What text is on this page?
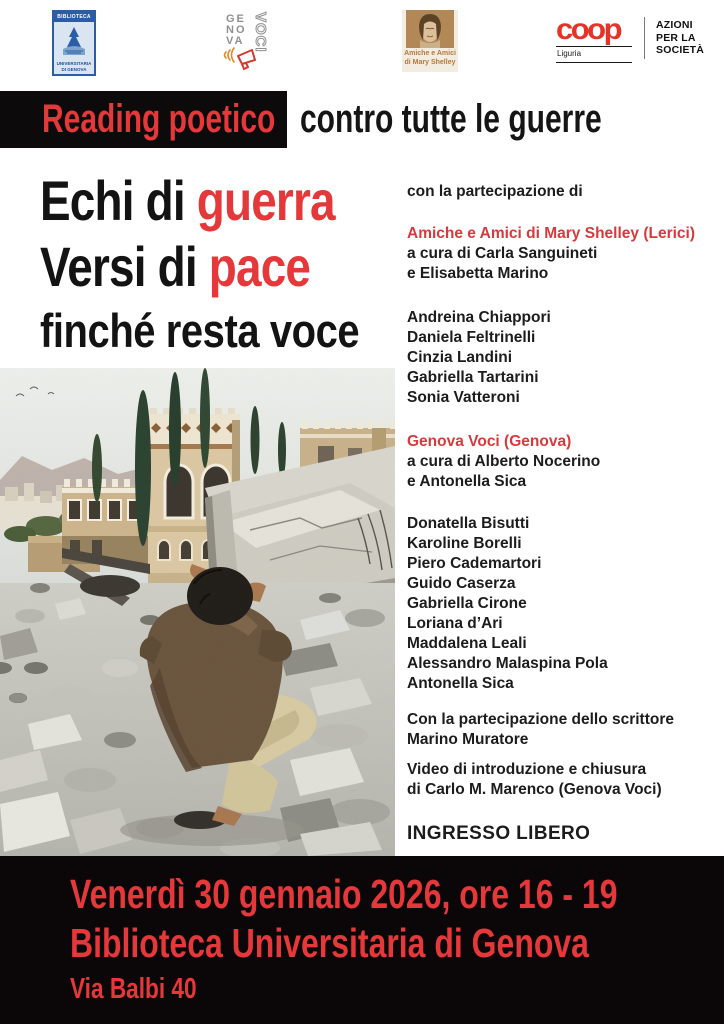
BIBLIOTECA
UNIVERSITARIA
DI GENOVA
GE
NO
VA VOCI
Amiche e Amici
di Mary Shelley
coop
Liguria
AZIONI
PER LA
SOCIETÀ
Reading poetico contro tutte le guerre
Echi di guerra
Versi di pace
finché resta voce
con la partecipazione di
Amiche e Amici di Mary Shelley (Lerici)
a cura di Carla Sanguineti
e Elisabetta Marino
Andreina Chiappori
Daniela Feltrinelli
Cinzia Landini
Gabriella Tartarini
Sonia Vatteroni
Genova Voci (Genova)
a cura di Alberto Nocerino
e Antonella Sica
Donatella Bisutti
Karoline Borelli
Piero Cademartori
Guido Caserza
Gabriella Cirone
Loriana d’Ari
Maddalena Leali
Alessandro Malaspina Pola
Antonella Sica
Con la partecipazione dello scrittore
Marino Muratore
Video di introduzione e chiusura
di Carlo M. Marenco (Genova Voci)
INGRESSO LIBERO
Venerdì 30 gennaio 2026, ore 16 - 19
Biblioteca Universitaria di Genova
Via Balbi 40
